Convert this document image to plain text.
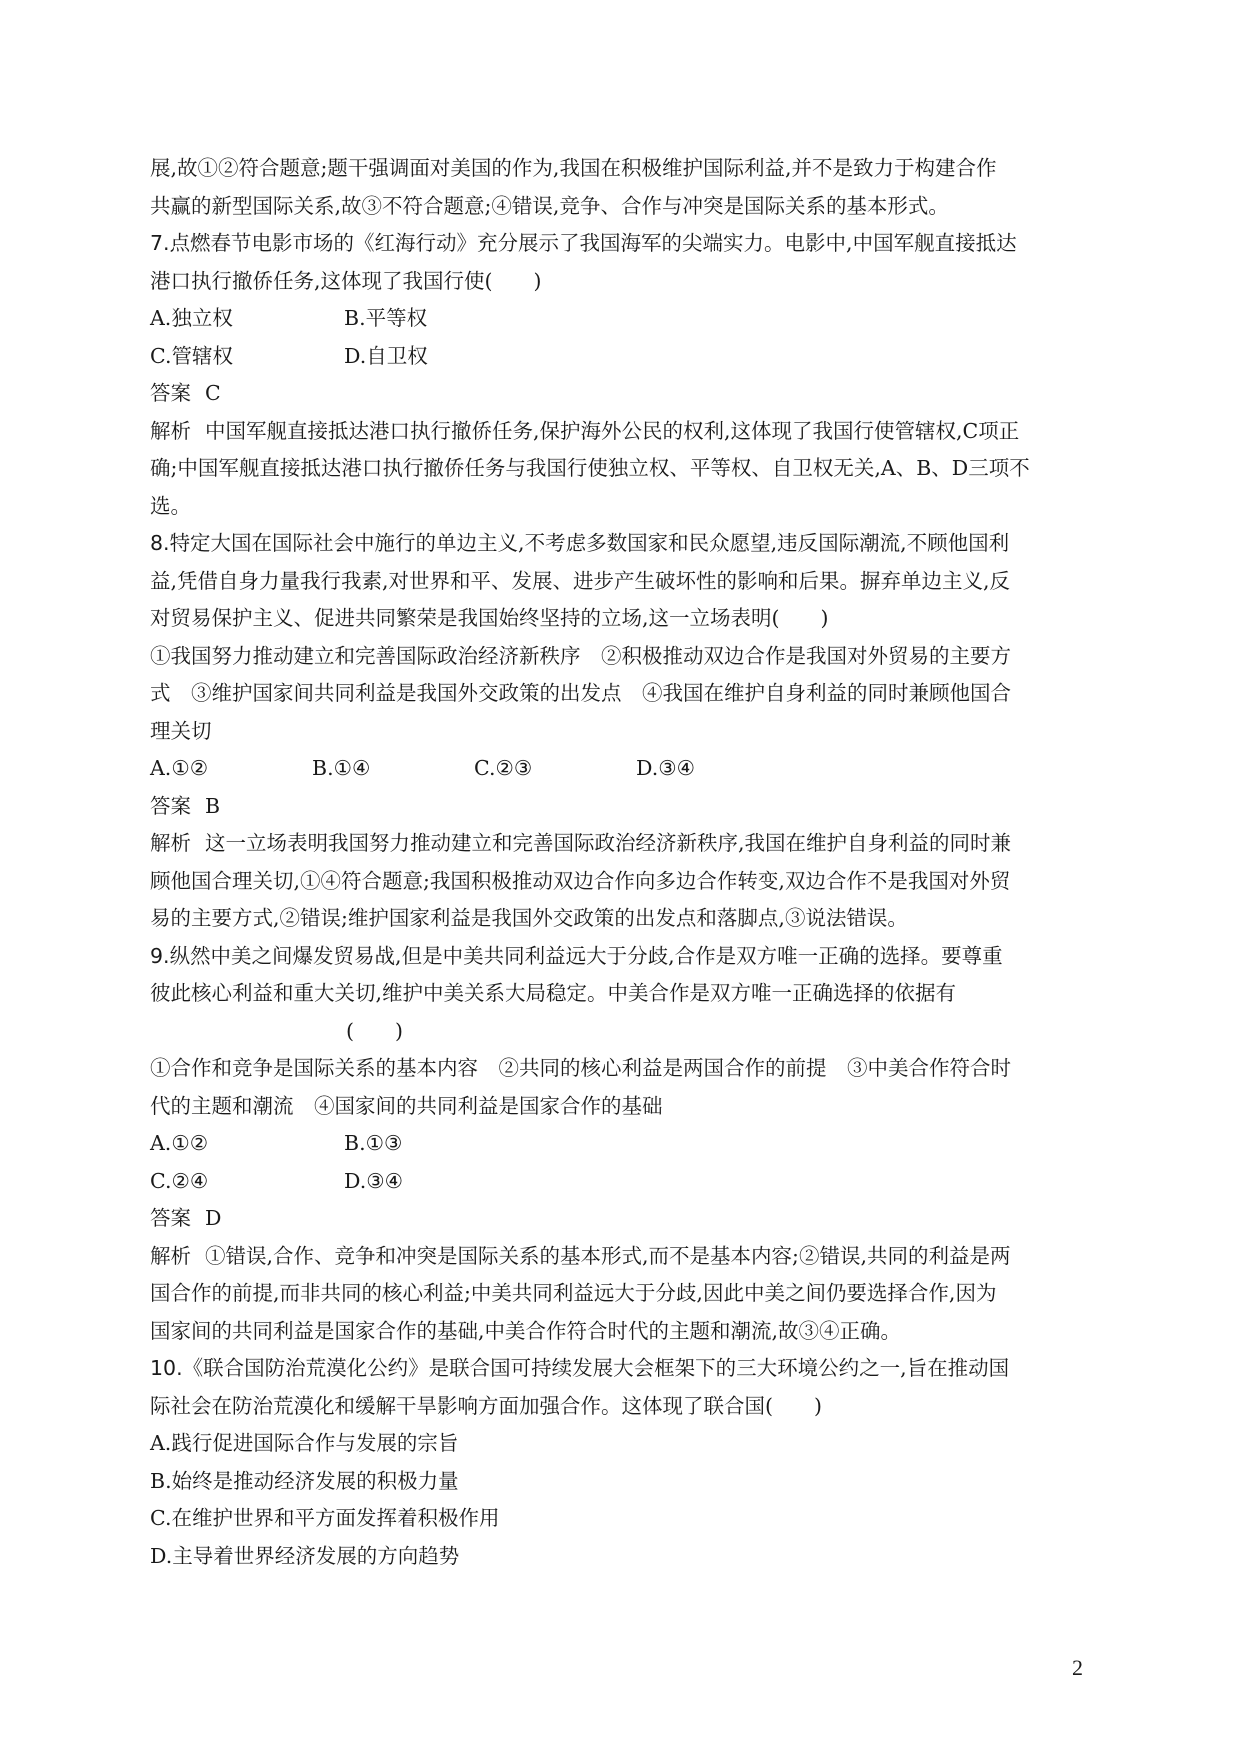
展,故①②符合题意;题干强调面对美国的作为,我国在积极维护国际利益,并不是致力于构建合作
共赢的新型国际关系,故③不符合题意;④错误,竞争、合作与冲突是国际关系的基本形式。
7.点燃春节电影市场的《红海行动》充分展示了我国海军的尖端实力。电影中,中国军舰直接抵达
港口执行撤侨任务,这体现了我国行使(　　)
A.独立权	B.平等权
C.管辖权	D.自卫权
答案 C
解析 中国军舰直接抵达港口执行撤侨任务,保护海外公民的权利,这体现了我国行使管辖权,C项正
确;中国军舰直接抵达港口执行撤侨任务与我国行使独立权、平等权、自卫权无关,A、B、D三项不
选。
8.特定大国在国际社会中施行的单边主义,不考虑多数国家和民众愿望,违反国际潮流,不顾他国利
益,凭借自身力量我行我素,对世界和平、发展、进步产生破坏性的影响和后果。摒弃单边主义,反
对贸易保护主义、促进共同繁荣是我国始终坚持的立场,这一立场表明(　　)
①我国努力推动建立和完善国际政治经济新秩序　②积极推动双边合作是我国对外贸易的主要方
式　③维护国家间共同利益是我国外交政策的出发点　④我国在维护自身利益的同时兼顾他国合
理关切
A.①②	B.①④	C.②③	D.③④
答案 B
解析 这一立场表明我国努力推动建立和完善国际政治经济新秩序,我国在维护自身利益的同时兼
顾他国合理关切,①④符合题意;我国积极推动双边合作向多边合作转变,双边合作不是我国对外贸
易的主要方式,②错误;维护国家利益是我国外交政策的出发点和落脚点,③说法错误。
9.纵然中美之间爆发贸易战,但是中美共同利益远大于分歧,合作是双方唯一正确的选择。要尊重
彼此核心利益和重大关切,维护中美关系大局稳定。中美合作是双方唯一正确选择的依据有
(　　)
①合作和竞争是国际关系的基本内容　②共同的核心利益是两国合作的前提　③中美合作符合时
代的主题和潮流　④国家间的共同利益是国家合作的基础
A.①②	B.①③
C.②④	D.③④
答案 D
解析 ①错误,合作、竞争和冲突是国际关系的基本形式,而不是基本内容;②错误,共同的利益是两
国合作的前提,而非共同的核心利益;中美共同利益远大于分歧,因此中美之间仍要选择合作,因为
国家间的共同利益是国家合作的基础,中美合作符合时代的主题和潮流,故③④正确。
10.《联合国防治荒漠化公约》是联合国可持续发展大会框架下的三大环境公约之一,旨在推动国
际社会在防治荒漠化和缓解干旱影响方面加强合作。这体现了联合国(　　)
A.践行促进国际合作与发展的宗旨
B.始终是推动经济发展的积极力量
C.在维护世界和平方面发挥着积极作用
D.主导着世界经济发展的方向趋势
2
